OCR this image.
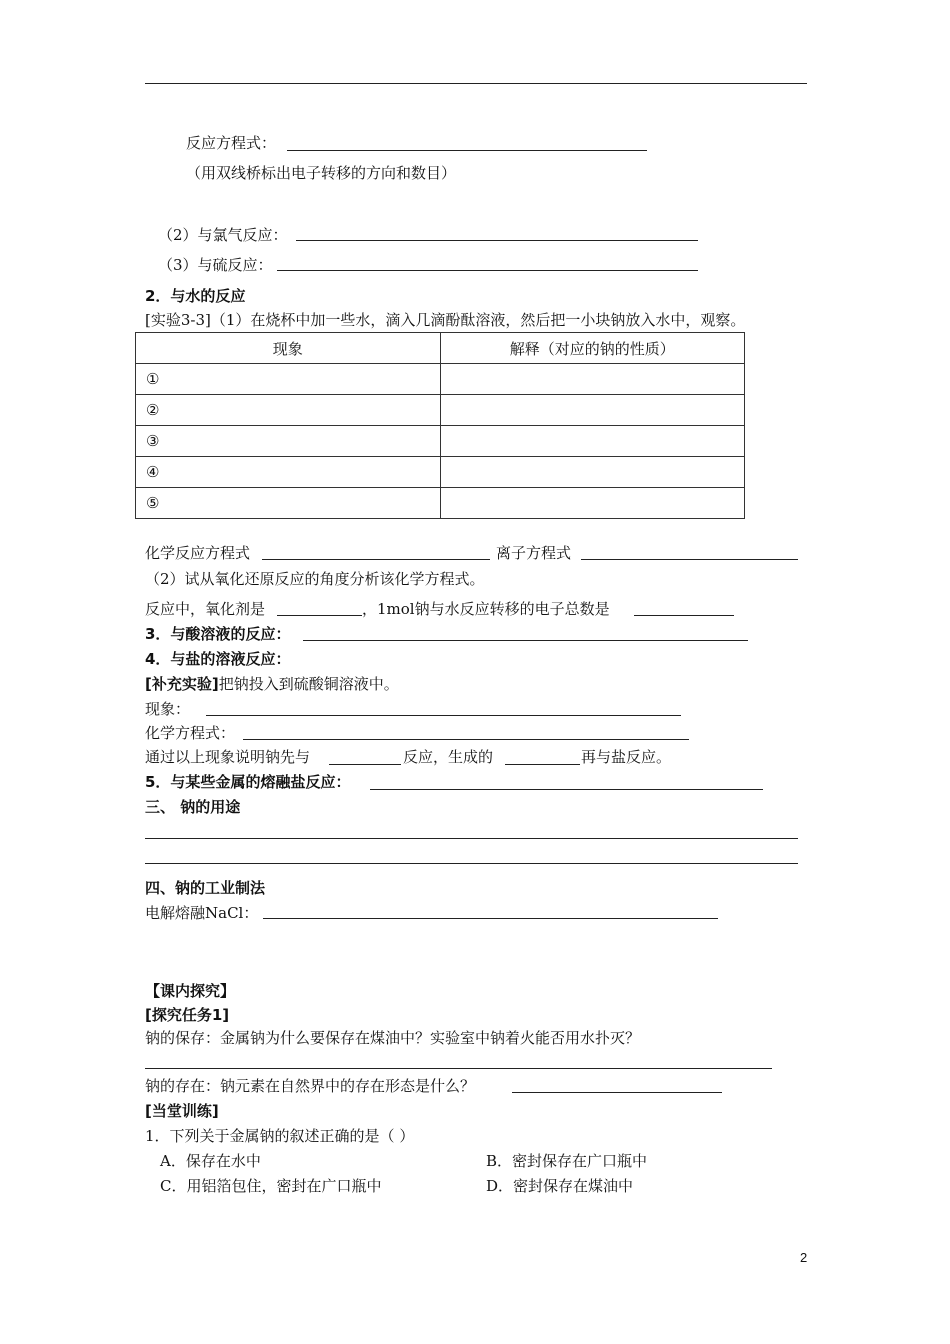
反应方程式：
（用双线桥标出电子转移的方向和数目）
（2）与氯气反应：
（3）与硫反应：
2．与水的反应
[实验3-3]（1）在烧杯中加一些水，滴入几滴酚酞溶液，然后把一小块钠放入水中，观察。
现象	解释（对应的钠的性质）
①	
②	
③	
④	
⑤	
化学反应方程式	离子方程式
（2）试从氧化还原反应的角度分析该化学方程式。
反应中，氧化剂是	，1mol钠与水反应转移的电子总数是
3．与酸溶液的反应：
4．与盐的溶液反应：
[补充实验]把钠投入到硫酸铜溶液中。
现象：
化学方程式：
通过以上现象说明钠先与	反应，生成的	再与盐反应。
5．与某些金属的熔融盐反应：
三、 钠的用途
四、钠的工业制法
电解熔融NaCl：
【课内探究】
[探究任务1]
钠的保存：金属钠为什么要保存在煤油中？实验室中钠着火能否用水扑灭？
钠的存在：钠元素在自然界中的存在形态是什么？
[当堂训练]
1．下列关于金属钠的叙述正确的是（ ）
A．保存在水中	B．密封保存在广口瓶中
C．用铝箔包住，密封在广口瓶中	D．密封保存在煤油中
2
